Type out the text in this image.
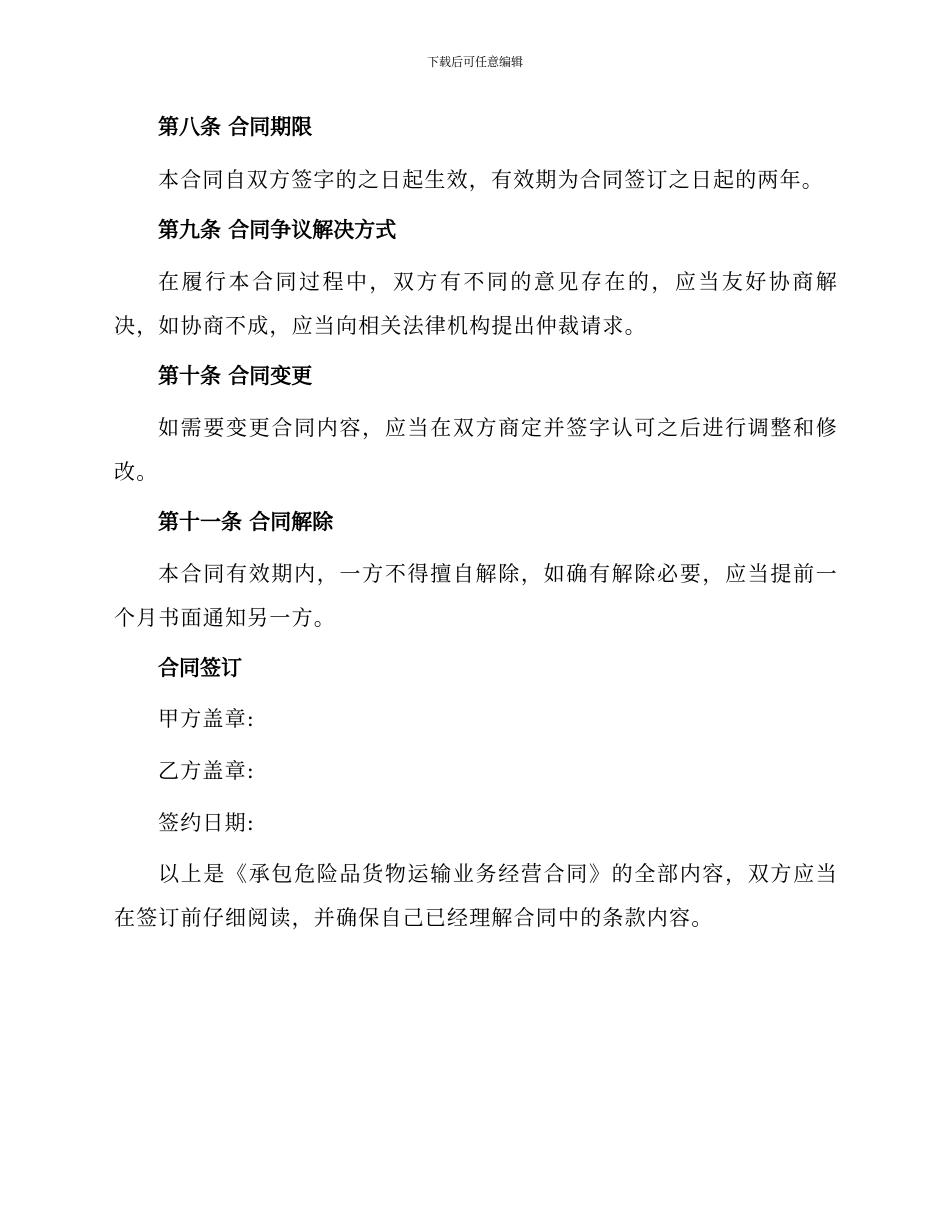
下载后可任意编辑
第八条 合同期限

本合同自双方签字的之日起生效，有效期为合同签订之日起的两年。

第九条 合同争议解决方式

在履行本合同过程中，双方有不同的意见存在的，应当友好协商解决，如协商不成，应当向相关法律机构提出仲裁请求。

第十条 合同变更

如需要变更合同内容，应当在双方商定并签字认可之后进行调整和修改。

第十一条 合同解除

本合同有效期内，一方不得擅自解除，如确有解除必要，应当提前一个月书面通知另一方。

合同签订
甲方盖章:
乙方盖章:
签约日期:

以上是《承包危险品货物运输业务经营合同》的全部内容，双方应当在签订前仔细阅读，并确保自己已经理解合同中的条款内容。
